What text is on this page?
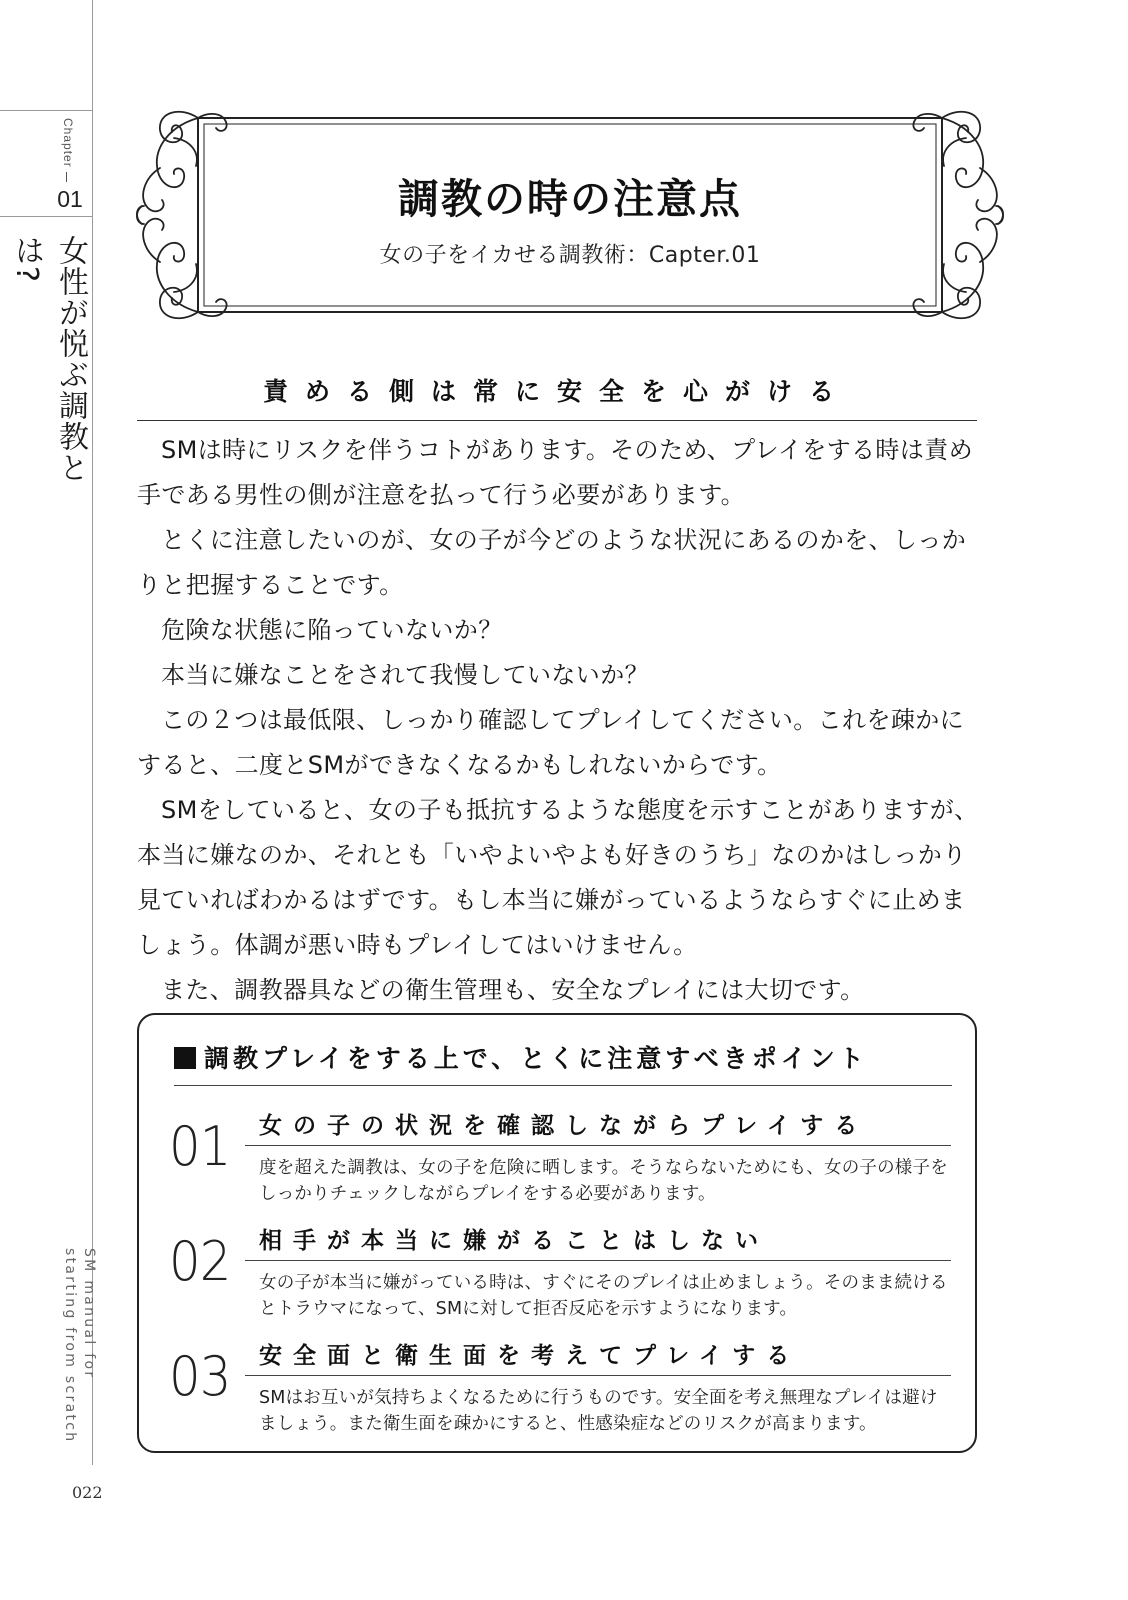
Chapter
01
女性が悦ぶ調教とは?
SM manual for starting from scratch
022
調教の時の注意点
女の子をイカせる調教術：Capter.01
責める側は常に安全を心がける

SMは時にリスクを伴うコトがあります。そのため、プレイをする時は責め手である男性の側が注意を払って行う必要があります。

とくに注意したいのが、女の子が今どのような状況にあるのかを、しっかりと把握することです。

危険な状態に陥っていないか？

本当に嫌なことをされて我慢していないか？

この２つは最低限、しっかり確認してプレイしてください。これを疎かにすると、二度とSMができなくなるかもしれないからです。

SMをしていると、女の子も抵抗するような態度を示すことがありますが、本当に嫌なのか、それとも「いやよいやよも好きのうち」なのかはしっかり見ていればわかるはずです。もし本当に嫌がっているようならすぐに止めましょう。体調が悪い時もプレイしてはいけません。

また、調教器具などの衛生管理も、安全なプレイには大切です。

調教プレイをする上で、とくに注意すべきポイント
01 女の子の状況を確認しながらプレイする
度を超えた調教は、女の子を危険に晒します。そうならないためにも、女の子の様子をしっかりチェックしながらプレイをする必要があります。
02 相手が本当に嫌がることはしない
女の子が本当に嫌がっている時は、すぐにそのプレイは止めましょう。そのまま続けるとトラウマになって、SMに対して拒否反応を示すようになります。
03 安全面と衛生面を考えてプレイする
SMはお互いが気持ちよくなるために行うものです。安全面を考え無理なプレイは避けましょう。また衛生面を疎かにすると、性感染症などのリスクが高まります。
